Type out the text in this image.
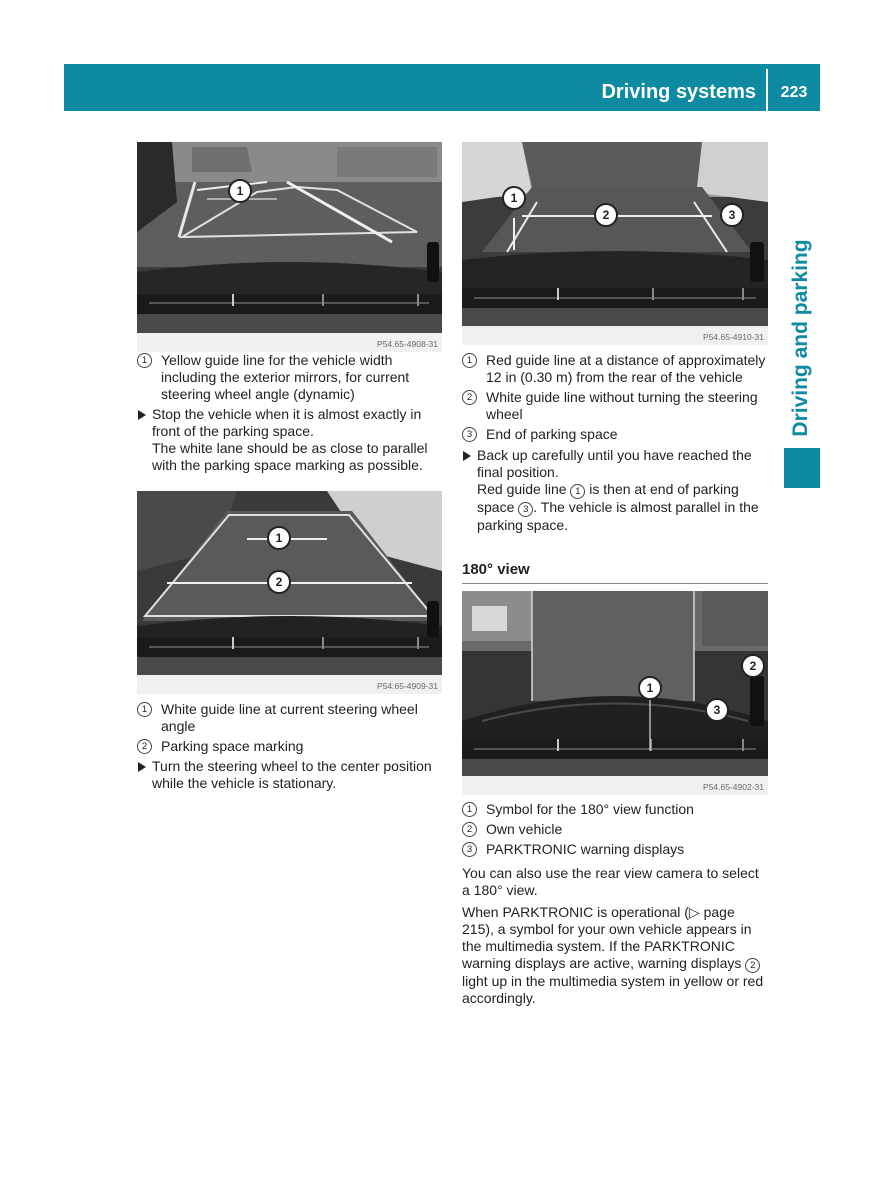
Driving systems	223
Driving and parking
1
P54.65-4908-31
1 Yellow guide line for the vehicle width including the exterior mirrors, for current steering wheel angle (dynamic)
Stop the vehicle when it is almost exactly in front of the parking space.
The white lane should be as close to parallel with the parking space marking as possible.
1
2
P54.65-4909-31
1 White guide line at current steering wheel angle
2 Parking space marking
Turn the steering wheel to the center position while the vehicle is stationary.
1
2	3
P54.65-4910-31
1 Red guide line at a distance of approximately 12 in (0.30 m) from the rear of the vehicle
2 White guide line without turning the steering wheel
3 End of parking space
Back up carefully until you have reached the final position.
Red guide line 1 is then at end of parking space 3 . The vehicle is almost parallel in the parking space.
180° view
1
2
3
P54.65-4902-31
1 Symbol for the 180° view function
2 Own vehicle
3 PARKTRONIC warning displays
You can also use the rear view camera to select a 180° view.
When PARKTRONIC is operational (▷ page 215), a symbol for your own vehicle appears in the multimedia system. If the PARKTRONIC warning displays are active, warning displays 2 light up in the multimedia system in yellow or red accordingly.
